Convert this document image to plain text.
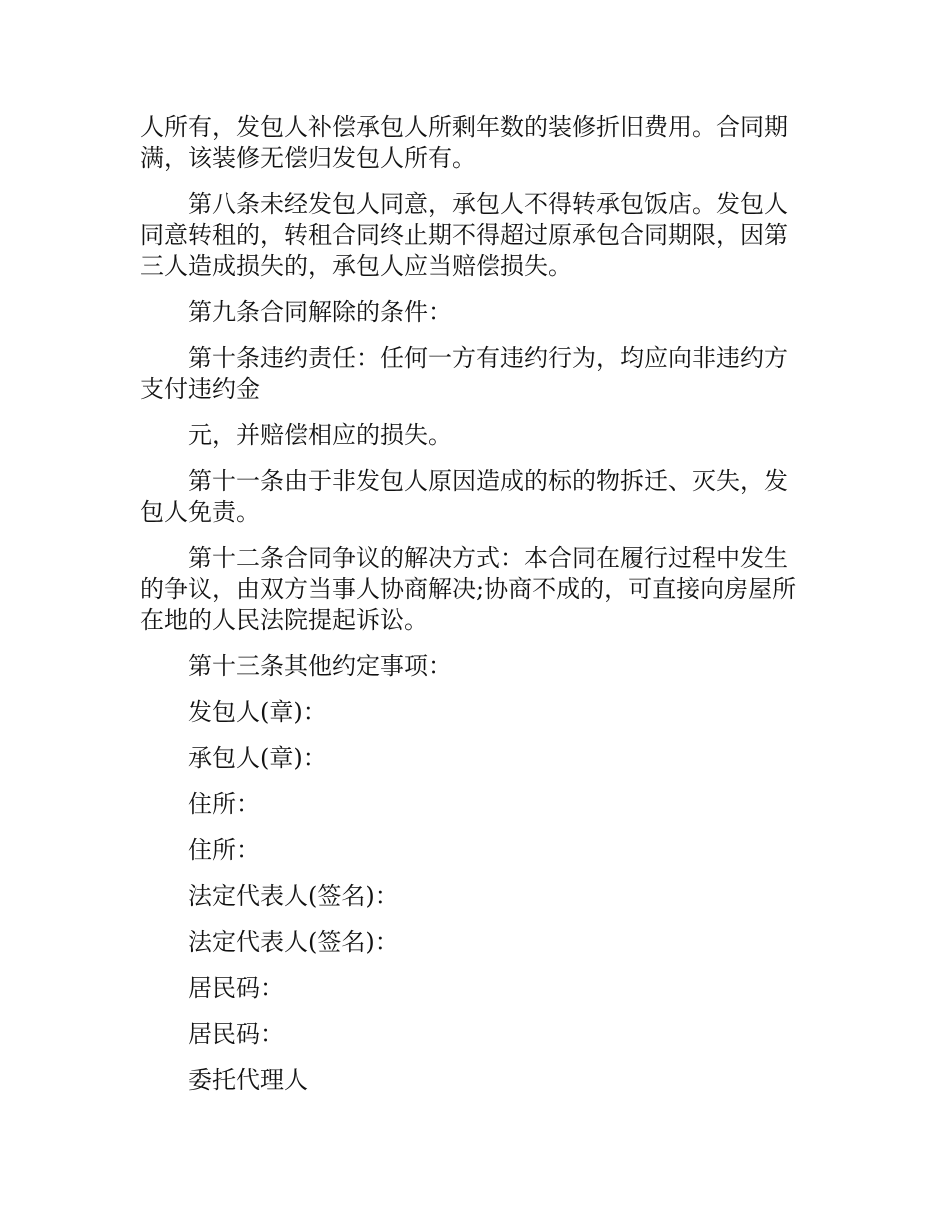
人所有，发包人补偿承包人所剩年数的装修折旧费用。合同期满，该装修无偿归发包人所有。

第八条未经发包人同意，承包人不得转承包饭店。发包人同意转租的，转租合同终止期不得超过原承包合同期限，因第三人造成损失的，承包人应当赔偿损失。

第九条合同解除的条件：

第十条违约责任：任何一方有违约行为，均应向非违约方支付违约金

元，并赔偿相应的损失。

第十一条由于非发包人原因造成的标的物拆迁、灭失，发包人免责。

第十二条合同争议的解决方式：本合同在履行过程中发生的争议，由双方当事人协商解决;协商不成的，可直接向房屋所在地的人民法院提起诉讼。

第十三条其他约定事项：

发包人(章)：

承包人(章)：

住所：

住所：

法定代表人(签名)：

法定代表人(签名)：

居民码：

居民码：

委托代理人
